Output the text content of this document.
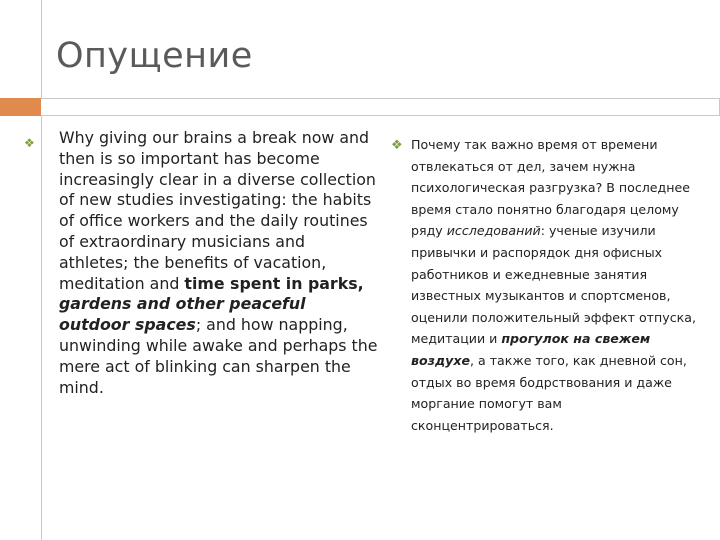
Опущение
❖ Why giving our brains a break now and then is so important has become increasingly clear in a diverse collection of new studies investigating: the habits of office workers and the daily routines of extraordinary musicians and athletes; the benefits of vacation, meditation and time spent in parks, gardens and other peaceful outdoor spaces; and how napping, unwinding while awake and perhaps the mere act of blinking can sharpen the mind.
❖ Почему так важно время от времени отвлекаться от дел, зачем нужна психологическая разгрузка? В последнее время стало понятно благодаря целому ряду исследований: ученые изучили привычки и распорядок дня офисных работников и ежедневные занятия известных музыкантов и спортсменов, оценили положительный эффект отпуска, медитации и прогулок на свежем воздухе, а также того, как дневной сон, отдых во время бодрствования и даже моргание помогут вам сконцентрироваться.
